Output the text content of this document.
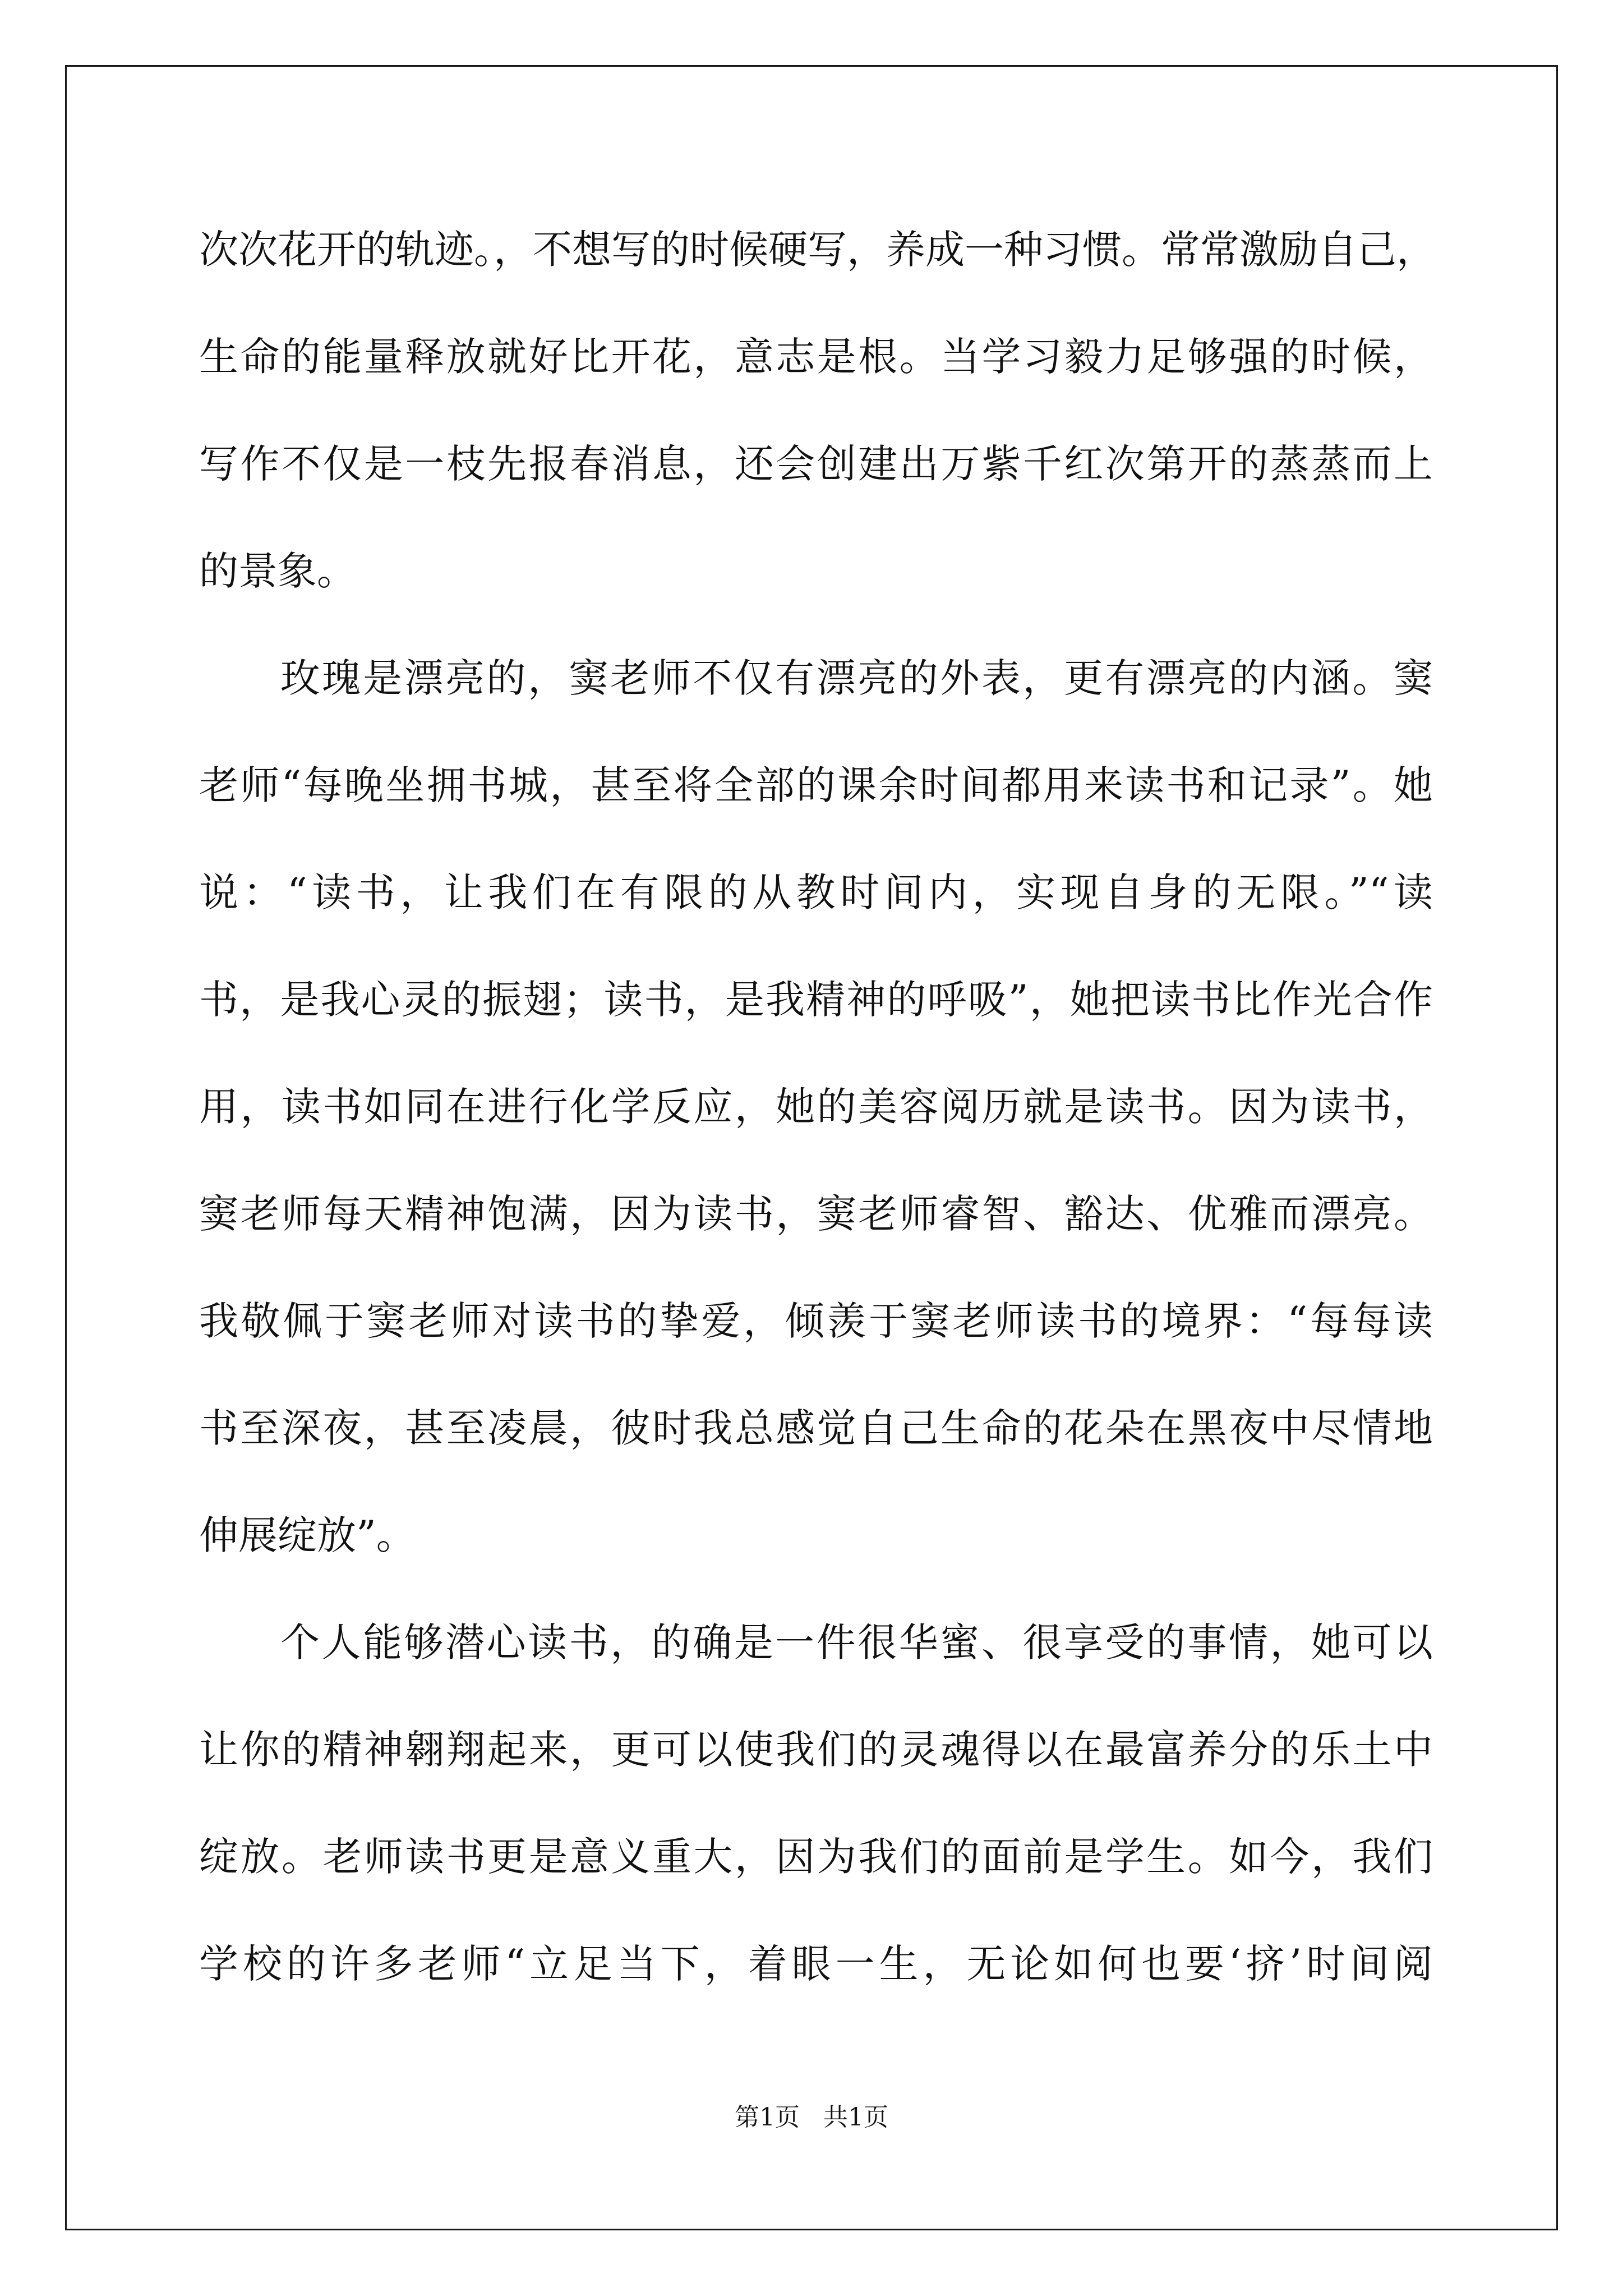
次次花开的轨迹。，不想写的时候硬写，养成一种习惯。常常激励自己，
生命的能量释放就好比开花，意志是根。当学习毅力足够强的时候，
写作不仅是一枝先报春消息，还会创建出万紫千红次第开的蒸蒸而上
的景象。
玫瑰是漂亮的，窦老师不仅有漂亮的外表，更有漂亮的内涵。窦
老师“每晚坐拥书城，甚至将全部的课余时间都用来读书和记录”。她
说：“读书，让我们在有限的从教时间内，实现自身的无限。”“读
书，是我心灵的振翅；读书，是我精神的呼吸”，她把读书比作光合作
用，读书如同在进行化学反应，她的美容阅历就是读书。因为读书，
窦老师每天精神饱满，因为读书，窦老师睿智、豁达、优雅而漂亮。
我敬佩于窦老师对读书的挚爱，倾羡于窦老师读书的境界：“每每读
书至深夜，甚至凌晨，彼时我总感觉自己生命的花朵在黑夜中尽情地
伸展绽放”。
个人能够潜心读书，的确是一件很华蜜、很享受的事情，她可以
让你的精神翱翔起来，更可以使我们的灵魂得以在最富养分的乐土中
绽放。老师读书更是意义重大，因为我们的面前是学生。如今，我们
学校的许多老师“立足当下，着眼一生，无论如何也要‘挤’时间阅
第1页   共1页
